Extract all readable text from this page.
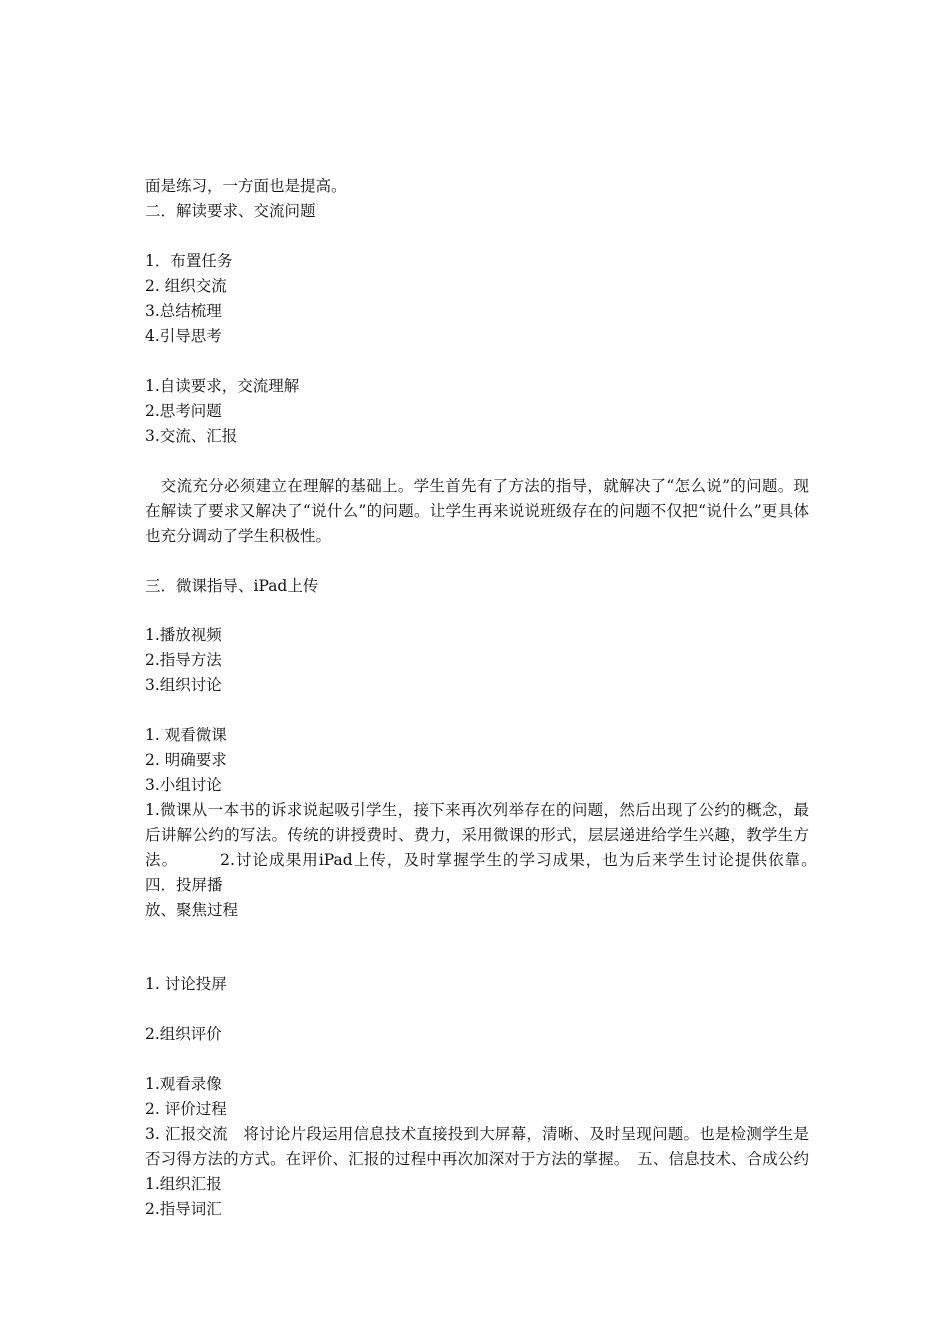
面是练习，一方面也是提高。
二．解读要求、交流问题
1．布置任务
2. 组织交流
3.总结梳理
4.引导思考
1.自读要求，交流理解
2.思考问题
3.交流、汇报
　交流充分必须建立在理解的基础上。学生首先有了方法的指导，就解决了“怎么说”的问题。现在解读了要求又解决了“说什么”的问题。让学生再来说说班级存在的问题不仅把“说什么”更具体也充分调动了学生积极性。
三．微课指导、iPad上传
1.播放视频
2.指导方法
3.组织讨论
1. 观看微课
2. 明确要求
3.小组讨论
1.微课从一本书的诉求说起吸引学生，接下来再次列举存在的问题，然后出现了公约的概念，最后讲解公约的写法。传统的讲授费时、费力，采用微课的形式，层层递进给学生兴趣，教学生方法。　　　2.讨论成果用iPad上传，及时掌握学生的学习成果，也为后来学生讨论提供依靠。　四．投屏播
放、聚焦过程
1. 讨论投屏
2.组织评价
1.观看录像
2. 评价过程
3. 汇报交流　将讨论片段运用信息技术直接投到大屏幕，清晰、及时呈现问题。也是检测学生是否习得方法的方式。在评价、汇报的过程中再次加深对于方法的掌握。　五、信息技术、合成公约　1.组织汇报
2.指导词汇
